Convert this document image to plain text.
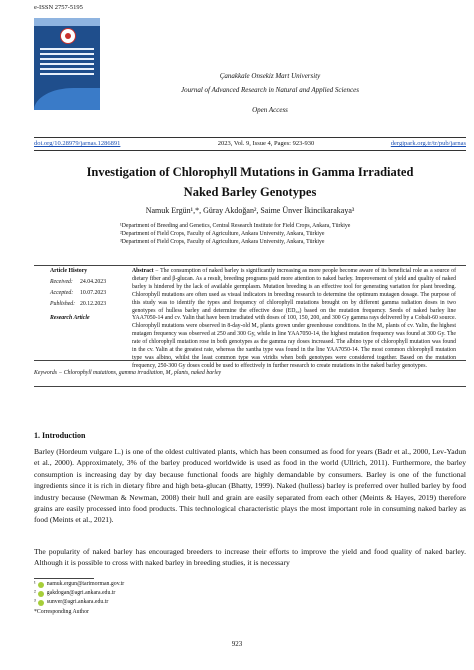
e-ISSN 2757-5195
Çanakkale Onsekiz Mart University
Journal of Advanced Research in Natural and Applied Sciences
Open Access
doi.org/10.28979/jarnas.1286891	2023, Vol. 9, Issue 4, Pages: 923-930	dergipark.org.tr/tr/pub/jarnas
Investigation of Chlorophyll Mutations in Gamma Irradiated
Naked Barley Genotypes
Namuk Ergün¹,*, Güray Akdoğan², Saime Ünver İkincikarakaya³
¹Department of Breeding and Genetics, Central Research Institute for Field Crops, Ankara, Türkiye
²Department of Field Crops, Faculty of Agriculture, Ankara University, Ankara, Türkiye
³Department of Field Crops, Faculty of Agriculture, Ankara University, Ankara, Türkiye
Article History
Received:	24.04.2023
Accepted:	10.07.2023
Published: 20.12.2023
Research Article
Abstract − The consumption of naked barley is significantly increasing as more people become aware of its beneficial role as a source of dietary fiber and β-glucan. As a result, breeding programs paid more attention to naked barley. Improvement of yield and quality of naked barley is hindered by the lack of available germplasm. Mutation breeding is an effective tool for generating variation for plant breeding. Chlorophyll mutations are often used as visual indicators in breeding research to determine the optimum mutagen dosage. The purpose of this study was to identify the types and frequency of chlorophyll mutations brought on by different gamma radiation doses in two genotypes of hulless barley and determine the effective dose (ED₅₀) based on the mutation frequency. Seeds of naked barley line YAA7050-14 and cv. Yalin that have been irradiated with doses of 100, 150, 200, and 300 Gy gamma rays delivered by a Cobalt-60 source. Chlorophyll mutations were observed in 8-day-old M₂ plants grown under greenhouse conditions. In the M₂ plants of cv. Yalin, the highest mutagen frequency was observed at 250 and 300 Gy, while in line YAA7050-14, the highest mutation frequency was found at 300 Gy. The rate of chlorophyll mutation rose in both genotypes as the gamma ray doses increased. The albino type of chlorophyll mutation was found in the cv. Yalin at the greatest rate, whereas the xantha type was found in the line YAA7050-14. The most common chlorophyll mutation type was albino, whilst the least common type was viridis when both genotypes were considered together. Based on the mutation frequency, 250-300 Gy doses could be used to effectively in further research to create mutations in the naked barley genotypes.
Keywords − Chlorophyll mutations, gamma irradiation, M₂ plants, naked barley
1. Introduction
Barley (Hordeum vulgare L.) is one of the oldest cultivated plants, which has been consumed as food for years (Badr et al., 2000, Lev-Yadun et al., 2000). Approximately, 3% of the barley produced worldwide is used as food in the world (Ullrich, 2011). Furthermore, the barley consumption is increasing day by day because functional foods are highly demandable by consumers. Barley is one of the functional ingredients since it is rich in dietary fibre and high beta-glucan (Bhatty, 1999). Naked (hulless) barley is preferred over hulled barley by food industry because (Newman & Newman, 2008) their hull and grain are easily separated from each other (Meints & Hayes, 2019) therefore grains are easily processed into food products. This technological characteristic plays the most important role in consuming naked barley as food (Meints et al., 2021).
The popularity of naked barley has encouraged breeders to increase their efforts to improve the yield and food quality of naked barley. Although it is possible to cross with naked barley in breeding studies, it is necessary
¹ namuk.ergun@tarimorman.gov.tr
² gakdogan@agri.ankara.edu.tr
³ sunver@agri.ankara.edu.tr
*Corresponding Author
923
